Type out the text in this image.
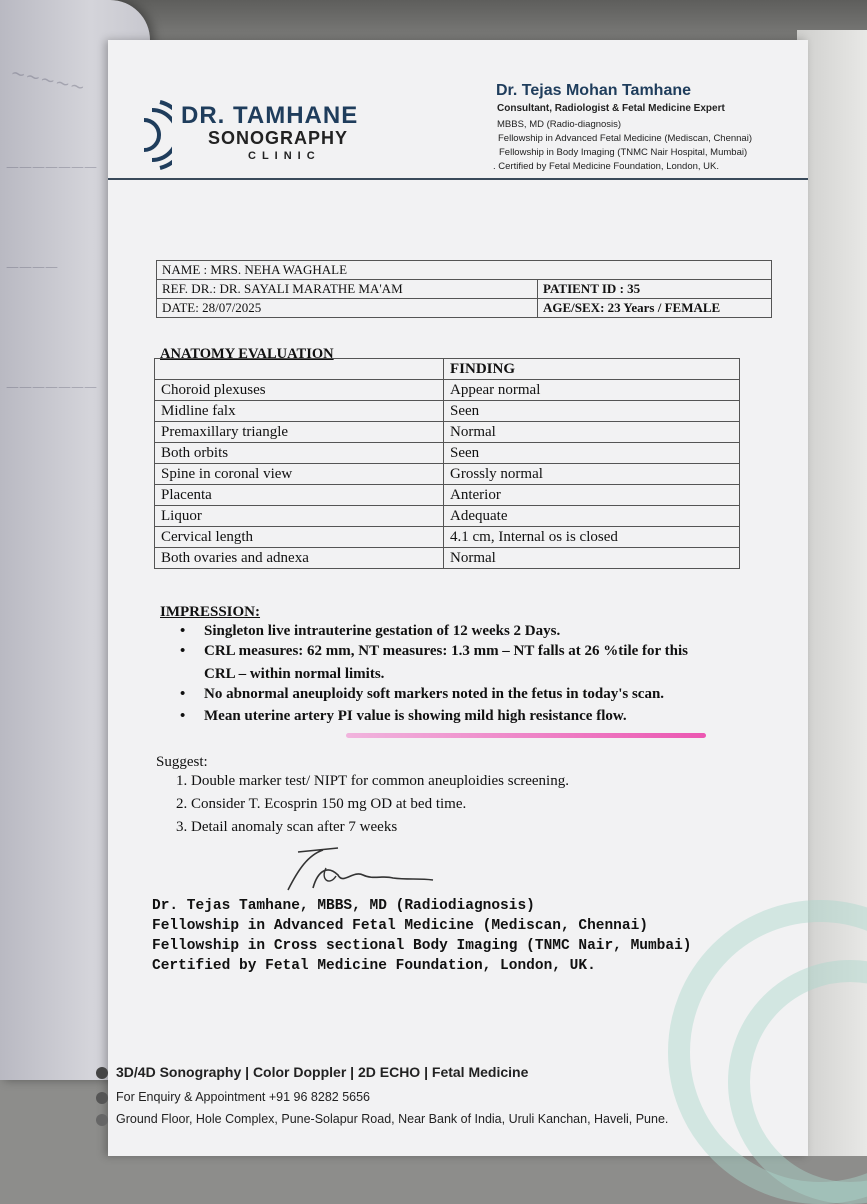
~~~~~
———————
————
———————
DR. TAMHANE
SONOGRAPHY
CLINIC
Dr. Tejas Mohan Tamhane
Consultant, Radiologist & Fetal Medicine Expert
MBBS, MD (Radio-diagnosis)
Fellowship in Advanced Fetal Medicine (Mediscan, Chennai)
Fellowship in Body Imaging (TNMC Nair Hospital, Mumbai)
. Certified by Fetal Medicine Foundation, London, UK.
NAME : MRS. NEHA WAGHALE	
REF. DR.: DR. SAYALI MARATHE MA'AM	PATIENT ID : 35
DATE: 28/07/2025	AGE/SEX: 23 Years / FEMALE
ANATOMY EVALUATION
	FINDING
Choroid plexuses	Appear normal
Midline falx	Seen
Premaxillary triangle	Normal
Both orbits	Seen
Spine in coronal view	Grossly normal
Placenta	Anterior
Liquor	Adequate
Cervical length	4.1 cm, Internal os is closed
Both ovaries and adnexa	Normal
IMPRESSION:
• Singleton live intrauterine gestation of 12 weeks 2 Days.
• CRL measures: 62 mm, NT measures: 1.3 mm – NT falls at 26 %tile for this
CRL – within normal limits.
• No abnormal aneuploidy soft markers noted in the fetus in today's scan.
• Mean uterine artery PI value is showing mild high resistance flow.
Suggest:
1. Double marker test/ NIPT for common aneuploidies screening.
2. Consider T. Ecosprin 150 mg OD at bed time.
3. Detail anomaly scan after 7 weeks
Dr. Tejas Tamhane, MBBS, MD (Radiodiagnosis)
Fellowship in Advanced Fetal Medicine (Mediscan, Chennai)
Fellowship in Cross sectional Body Imaging (TNMC Nair, Mumbai)
Certified by Fetal Medicine Foundation, London, UK.
3D/4D Sonography | Color Doppler | 2D ECHO | Fetal Medicine
For Enquiry & Appointment +91 96 8282 5656
Ground Floor, Hole Complex, Pune-Solapur Road, Near Bank of India, Uruli Kanchan, Haveli, Pune.
